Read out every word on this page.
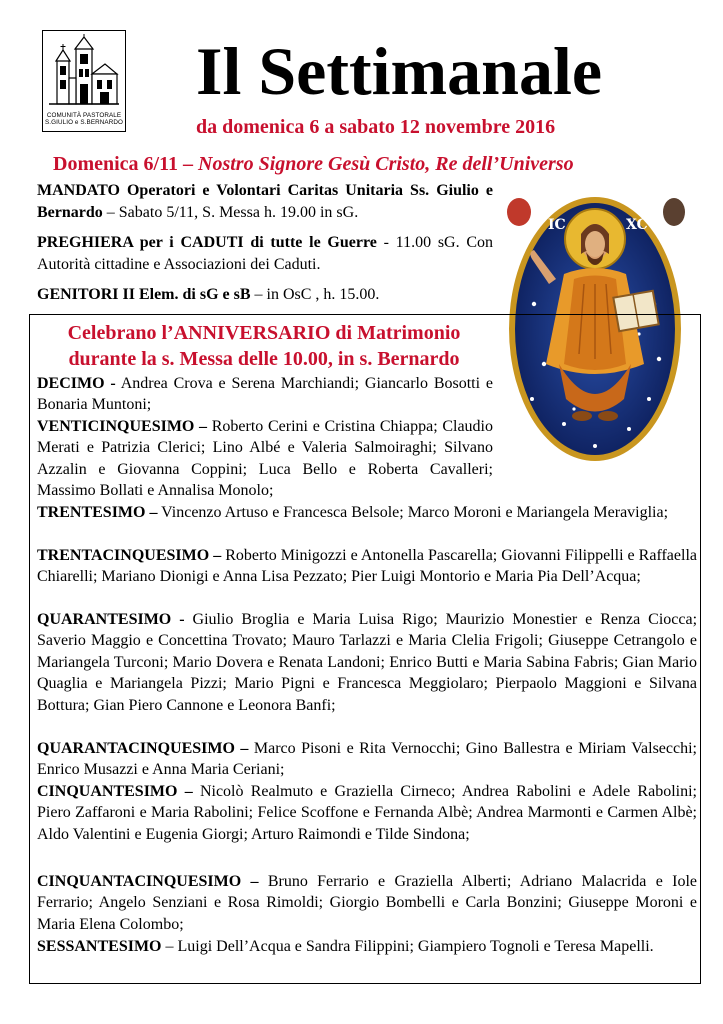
COMUNITÀ PASTORALE
S.GIULIO e S.BERNARDO
Il Settimanale
da domenica 6 a sabato 12 novembre 2016
Domenica 6/11 – Nostro Signore Gesù Cristo, Re dell’Universo
MANDATO Operatori e Volontari Caritas Unitaria Ss. Giulio e Bernardo – Sabato 5/11, S. Messa h. 19.00 in sG.
PREGHIERA per i CADUTI di tutte le Guerre - 11.00 sG. Con Autorità cittadine e Associazioni dei Caduti.
GENITORI II Elem. di sG e sB – in OsC , h. 15.00.
IC	XC
Celebrano l’ANNIVERSARIO di Matrimonio
durante la s. Messa delle 10.00, in s. Bernardo
DECIMO - Andrea Crova e Serena Marchiandi; Giancarlo Bosotti e Bonaria Muntoni;
VENTICINQUESIMO – Roberto Cerini e Cristina Chiappa; Claudio Merati e Patrizia Clerici; Lino Albé e Valeria Salmoiraghi; Silvano Azzalin e Giovanna Coppini; Luca Bello e Roberta Cavalleri; Massimo Bollati e Annalisa Monolo;
TRENTESIMO – Vincenzo Artuso e Francesca Belsole; Marco Moroni e Mariangela Meraviglia;
TRENTACINQUESIMO – Roberto Minigozzi e Antonella Pascarella; Giovanni Filippelli e Raffaella Chiarelli; Mariano Dionigi e Anna Lisa Pezzato; Pier Luigi Montorio e Maria Pia Dell’Acqua;
QUARANTESIMO - Giulio Broglia e Maria Luisa Rigo; Maurizio Monestier e Renza Ciocca; Saverio Maggio e Concettina Trovato; Mauro Tarlazzi e Maria Clelia Frigoli; Giuseppe Cetrangolo e Mariangela Turconi; Mario Dovera e Renata Landoni; Enrico Butti e Maria Sabina Fabris; Gian Mario Quaglia e Mariangela Pizzi; Mario Pigni e Francesca Meggiolaro; Pierpaolo Maggioni e Silvana Bottura; Gian Piero Cannone e Leonora Banfi;
QUARANTACINQUESIMO – Marco Pisoni e Rita Vernocchi; Gino Ballestra e Miriam Valsecchi; Enrico Musazzi e Anna Maria Ceriani;
CINQUANTESIMO – Nicolò Realmuto e Graziella Cirneco; Andrea Rabolini e Adele Rabolini; Piero Zaffaroni e Maria Rabolini; Felice Scoffone e Fernanda Albè; Andrea Marmonti e Carmen Albè; Aldo Valentini e Eugenia Giorgi; Arturo Raimondi e Tilde Sindona;
CINQUANTACINQUESIMO – Bruno Ferrario e Graziella Alberti; Adriano Malacrida e Iole Ferrario; Angelo Senziani e Rosa Rimoldi; Giorgio Bombelli e Carla Bonzini; Giuseppe Moroni e Maria Elena Colombo;
SESSANTESIMO – Luigi Dell’Acqua e Sandra Filippini; Giampiero Tognoli e Teresa Mapelli.
